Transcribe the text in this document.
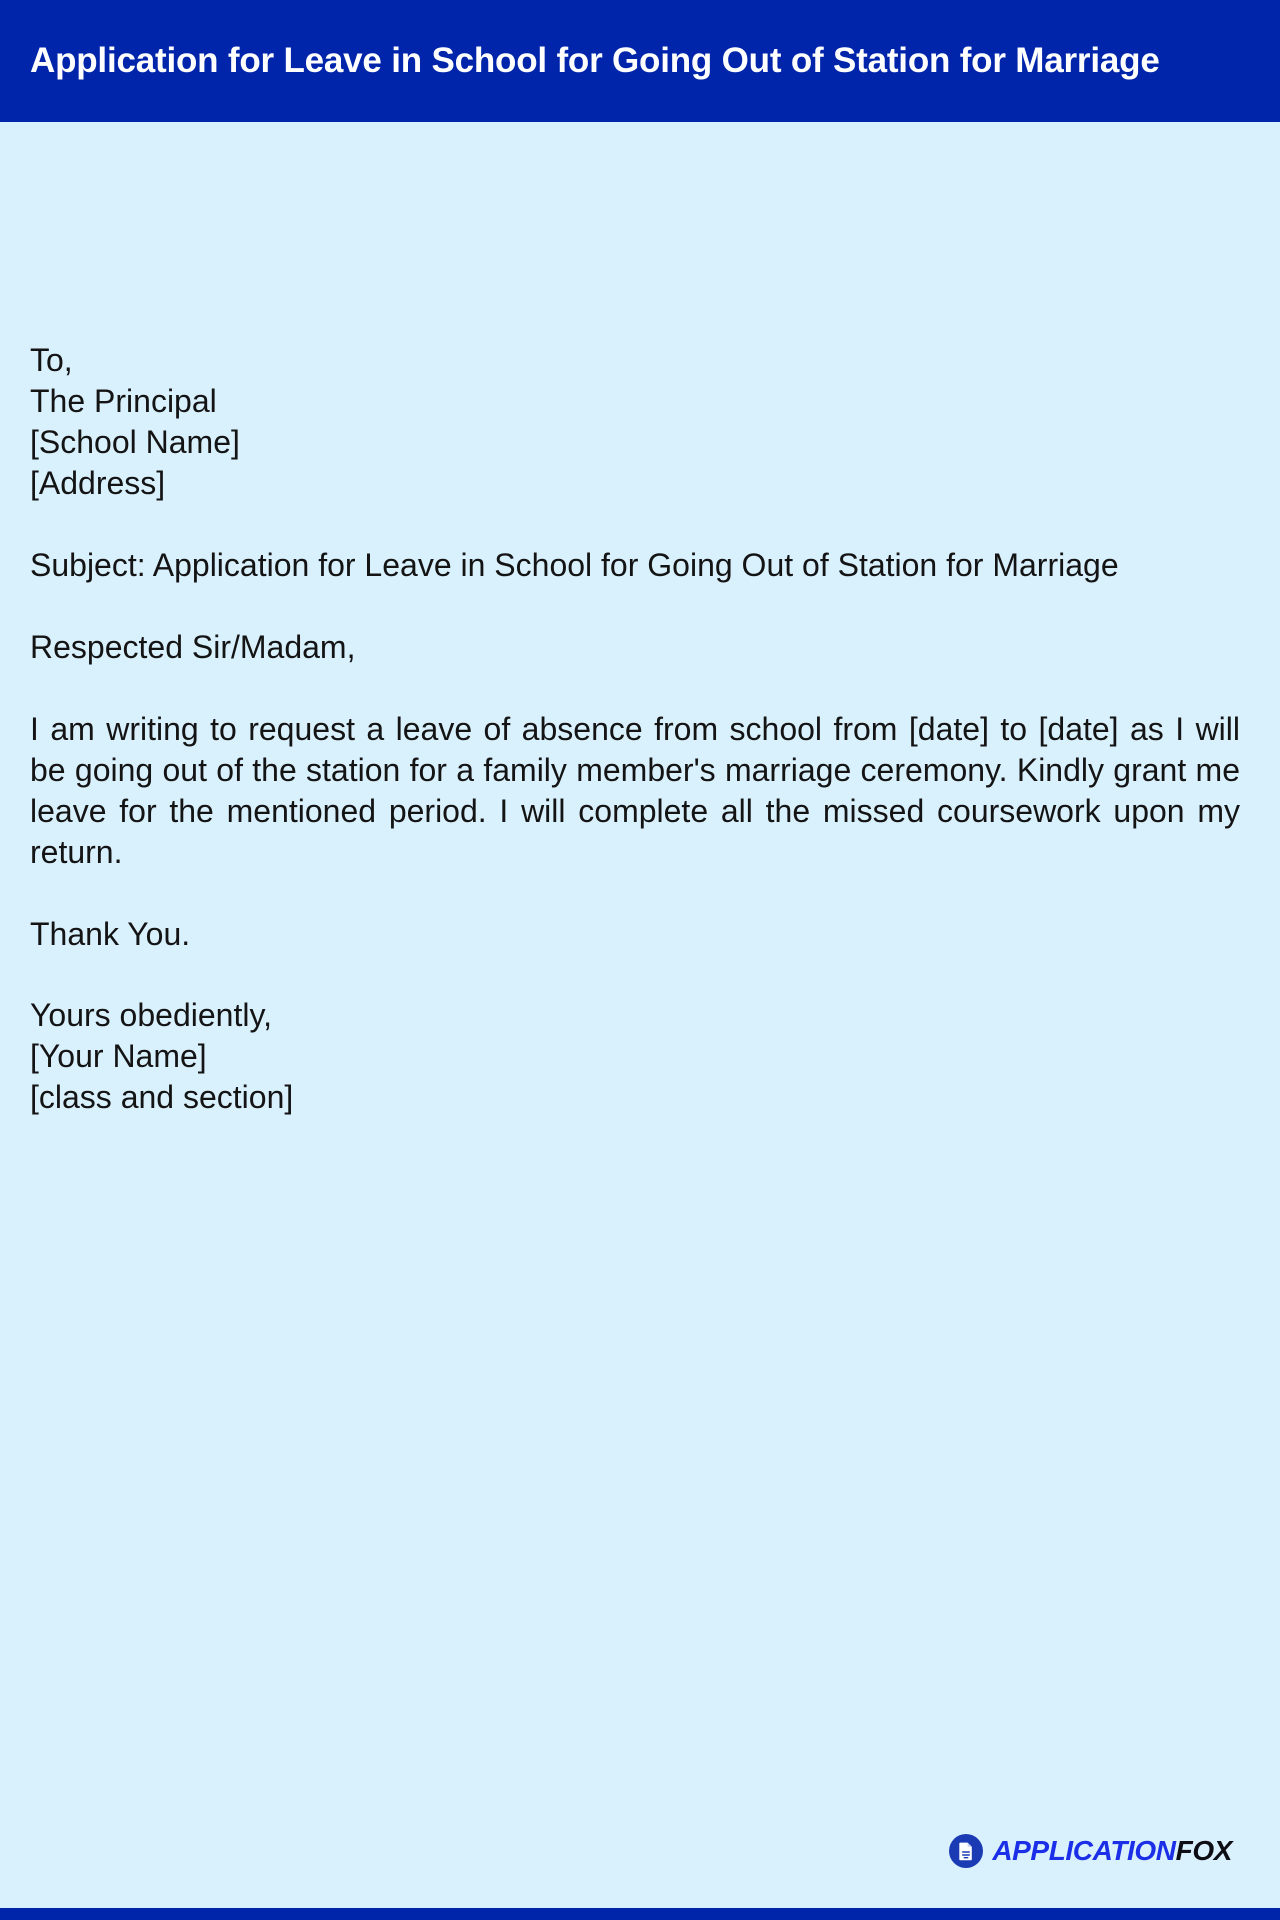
Application for Leave in School for Going Out of Station for Marriage
To,
The Principal
[School Name]
[Address]

Subject: Application for Leave in School for Going Out of Station for Marriage

Respected Sir/Madam,

I am writing to request a leave of absence from school from [date] to [date] as I will be going out of the station for a family member's marriage ceremony. Kindly grant me leave for the mentioned period. I will complete all the missed coursework upon my return.

Thank You.

Yours obediently,
[Your Name]
[class and section]
APPLICATIONFOX
